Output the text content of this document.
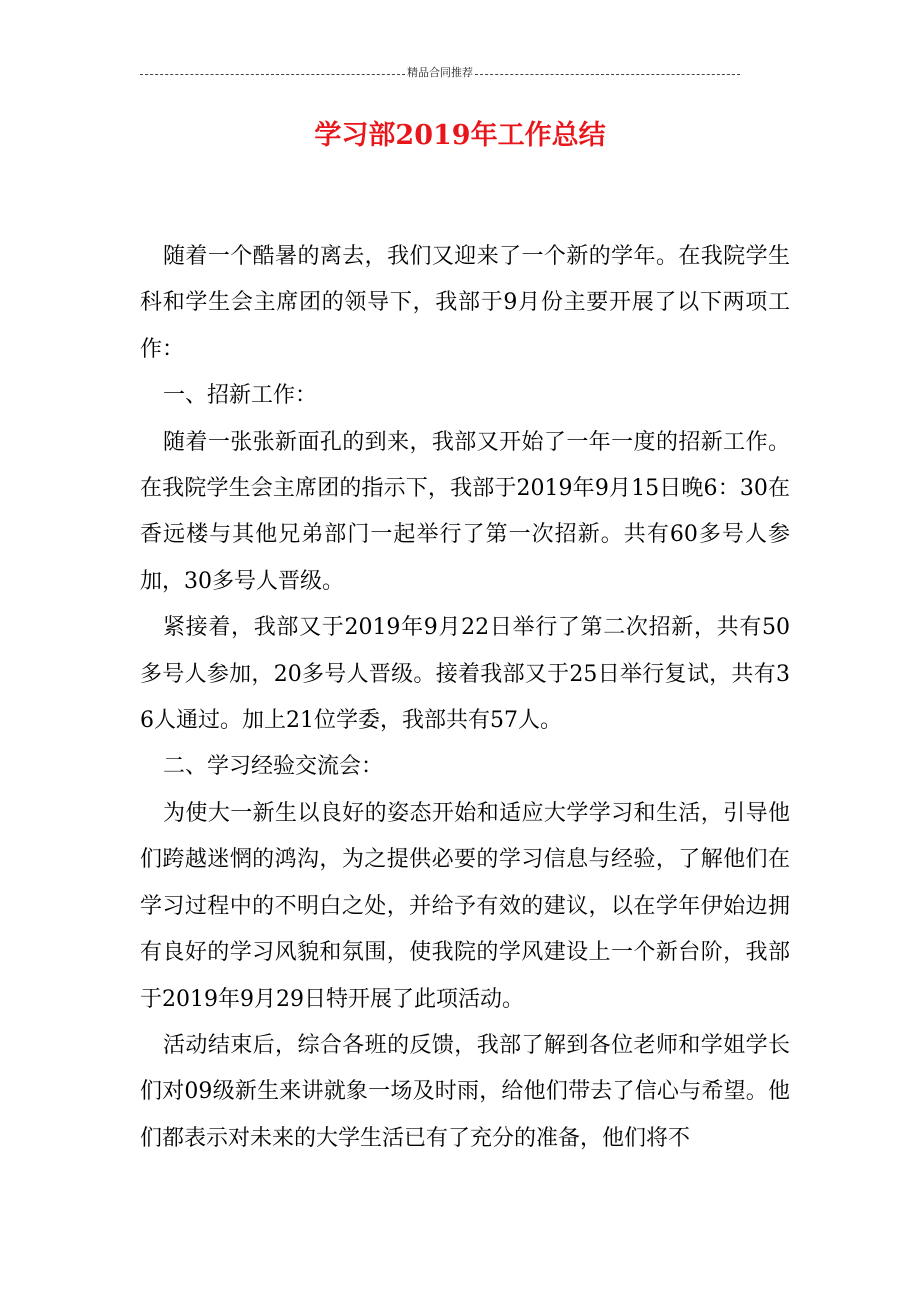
精品合同推荐
学习部2019年工作总结

随着一个酷暑的离去，我们又迎来了一个新的学年。在我院学生科和学生会主席团的领导下，我部于9月份主要开展了以下两项工作：

一、招新工作：

随着一张张新面孔的到来，我部又开始了一年一度的招新工作。在我院学生会主席团的指示下，我部于2019年9月15日晚6：30在香远楼与其他兄弟部门一起举行了第一次招新。共有60多号人参加，30多号人晋级。

紧接着，我部又于2019年9月22日举行了第二次招新，共有50多号人参加，20多号人晋级。接着我部又于25日举行复试，共有36人通过。加上21位学委，我部共有57人。

二、学习经验交流会：

为使大一新生以良好的姿态开始和适应大学学习和生活，引导他们跨越迷惘的鸿沟，为之提供必要的学习信息与经验，了解他们在学习过程中的不明白之处，并给予有效的建议，以在学年伊始边拥有良好的学习风貌和氛围，使我院的学风建设上一个新台阶，我部于2019年9月29日特开展了此项活动。

活动结束后，综合各班的反馈，我部了解到各位老师和学姐学长们对09级新生来讲就象一场及时雨，给他们带去了信心与希望。他们都表示对未来的大学生活已有了充分的准备，他们将不
